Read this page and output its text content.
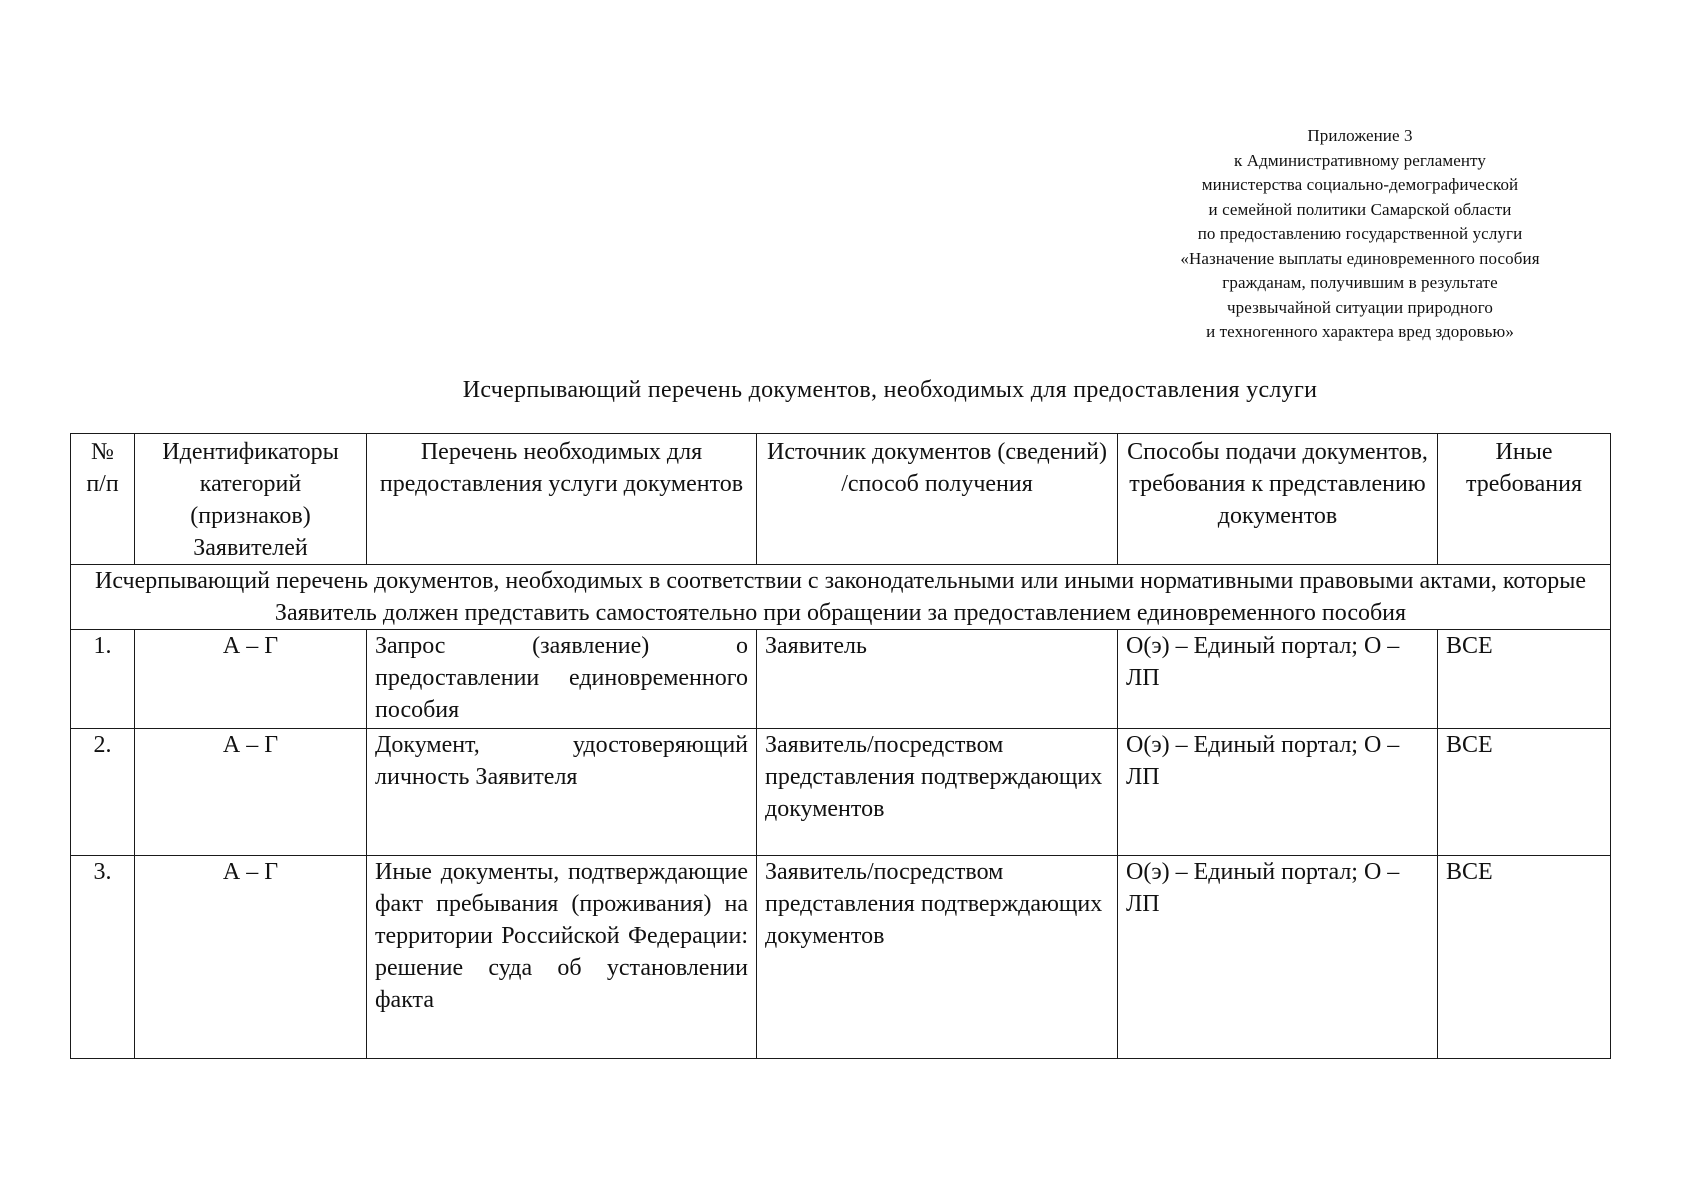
Приложение 3
к Административному регламенту
министерства социально-демографической
и семейной политики Самарской области
по предоставлению государственной услуги
«Назначение выплаты единовременного пособия
гражданам, получившим в результате
чрезвычайной ситуации природного
и техногенного характера вред здоровью»
Исчерпывающий перечень документов, необходимых для предоставления услуги
№ п/п	Идентификаторы категорий (признаков) Заявителей	Перечень необходимых для предоставления услуги документов	Источник документов (сведений) /способ получения	Способы подачи документов, требования к представлению документов	Иные требования
Исчерпывающий перечень документов, необходимых в соответствии с законодательными или иными нормативными правовыми актами, которые Заявитель должен представить самостоятельно при обращении за предоставлением единовременного пособия					
1.	А – Г	Запрос (заявление) о предоставлении единовременного пособия	Заявитель	О(э) – Единый портал; О – ЛП	ВСЕ
2.	А – Г	Документ, удостоверяющий личность Заявителя	Заявитель/посредством представления подтверждающих документов	О(э) – Единый портал; О – ЛП	ВСЕ
3.	А – Г	Иные документы, подтверждающие факт пребывания (проживания) на территории Российской Федерации: решение суда об установлении факта	Заявитель/посредством представления подтверждающих документов	О(э) – Единый портал; О – ЛП	ВСЕ
